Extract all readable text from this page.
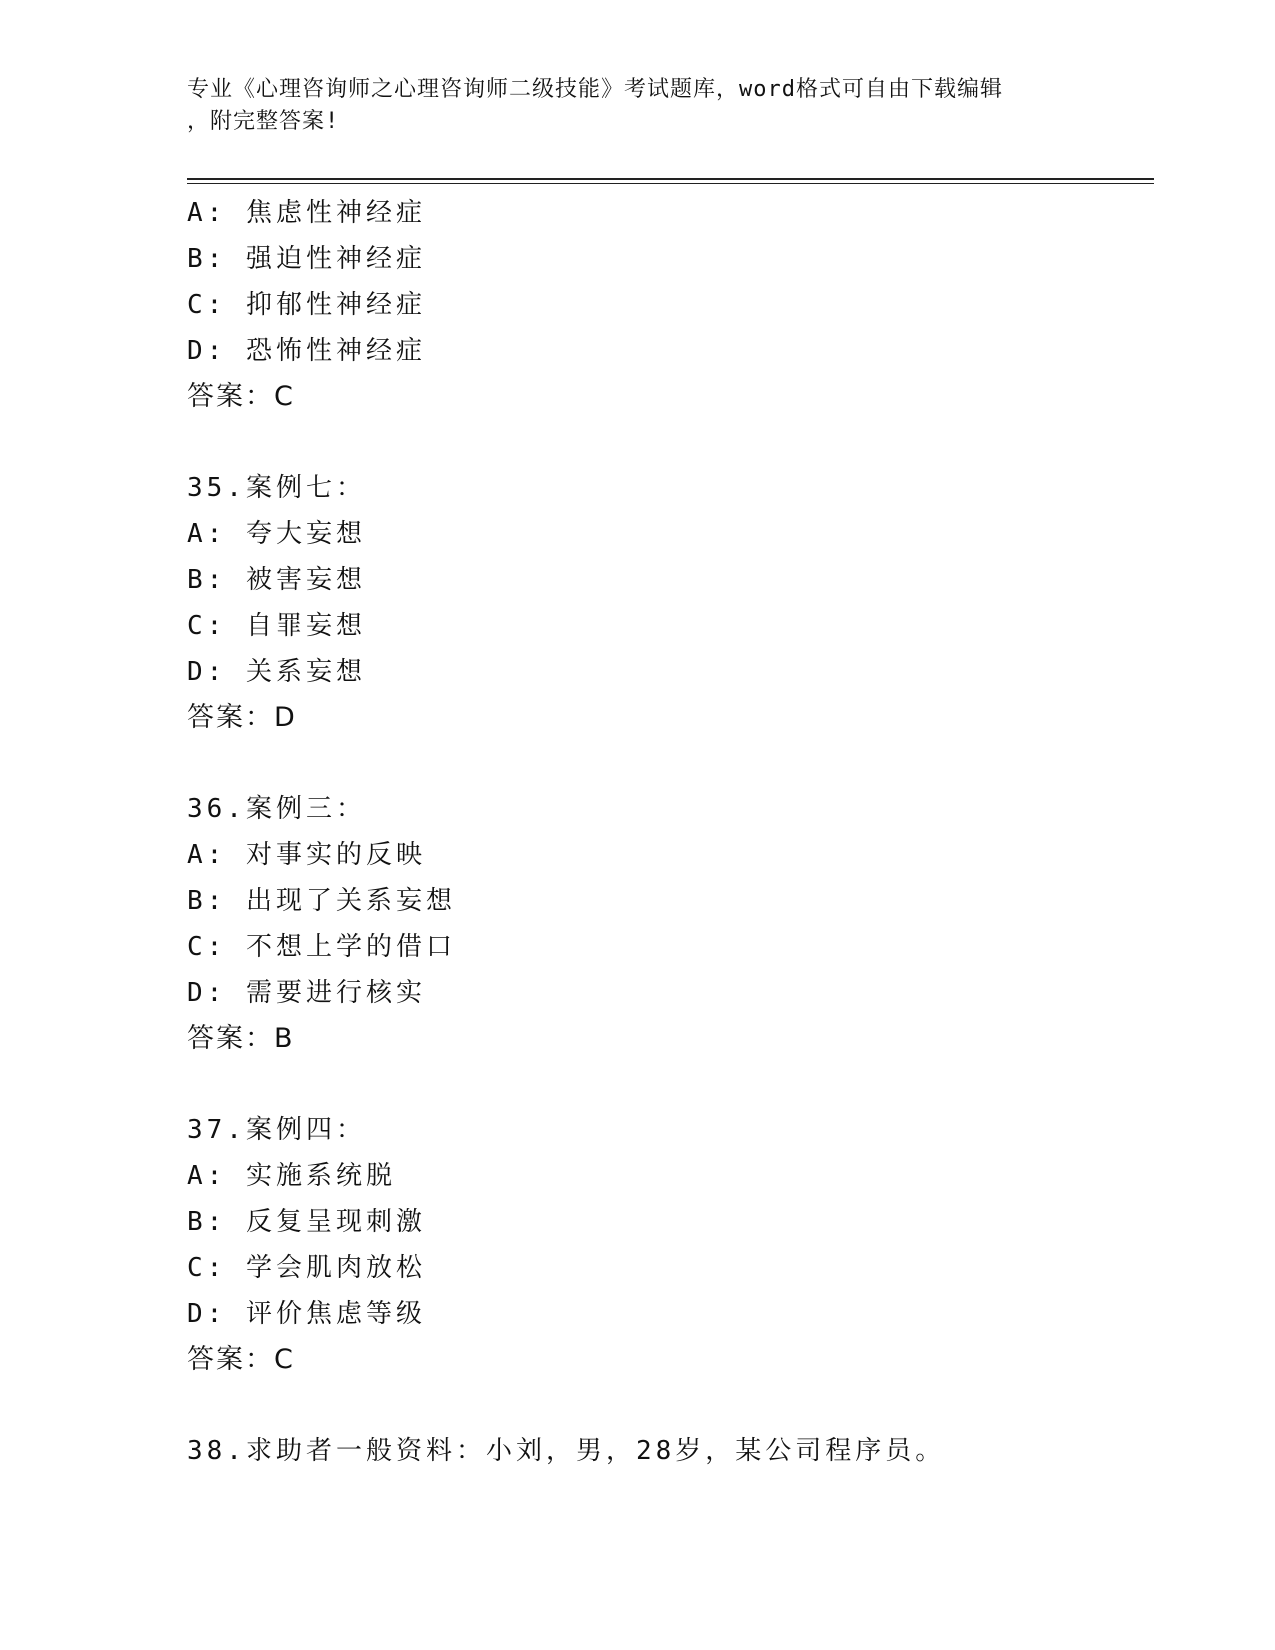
专业《心理咨询师之心理咨询师二级技能》考试题库，word格式可自由下载编辑
，附完整答案!
A: 焦虑性神经症
B: 强迫性神经症
C: 抑郁性神经症
D: 恐怖性神经症
答案：C
35.案例七：
A: 夸大妄想
B: 被害妄想
C: 自罪妄想
D: 关系妄想
答案：D
36.案例三：
A: 对事实的反映
B: 出现了关系妄想
C: 不想上学的借口
D: 需要进行核实
答案：B
37.案例四：
A: 实施系统脱
B: 反复呈现刺激
C: 学会肌肉放松
D: 评价焦虑等级
答案：C
38.求助者一般资料：小刘，男，28岁，某公司程序员。
